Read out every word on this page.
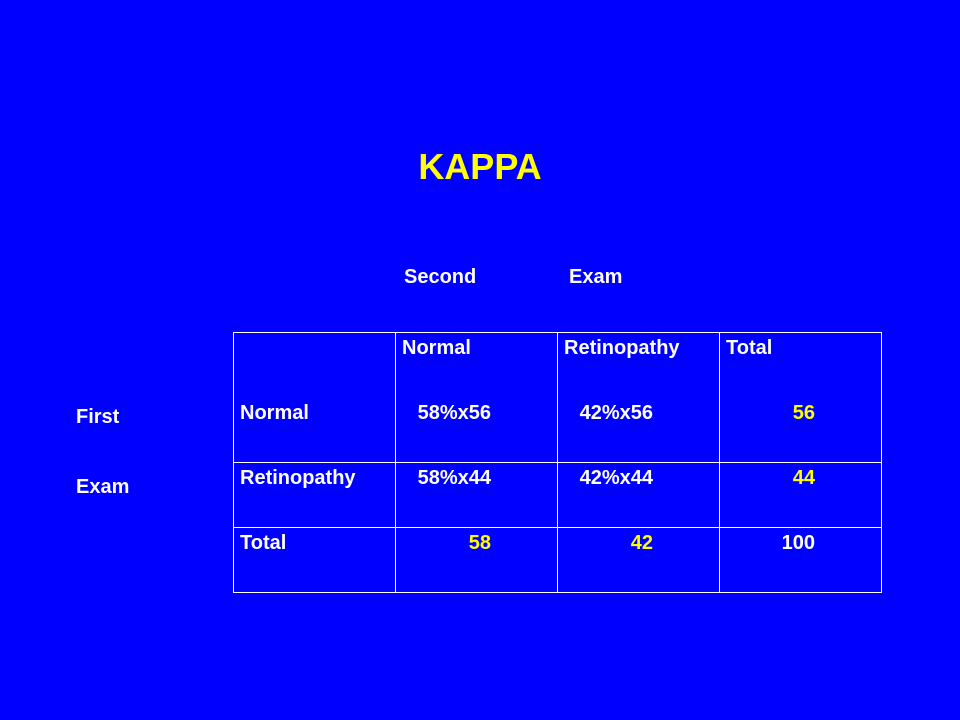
KAPPA
Second	Exam
First
Exam
	Normal	Retinopathy	Total
Normal	58%x56	42%x56	56
Retinopathy	58%x44	42%x44	44
Total	58	42	100
